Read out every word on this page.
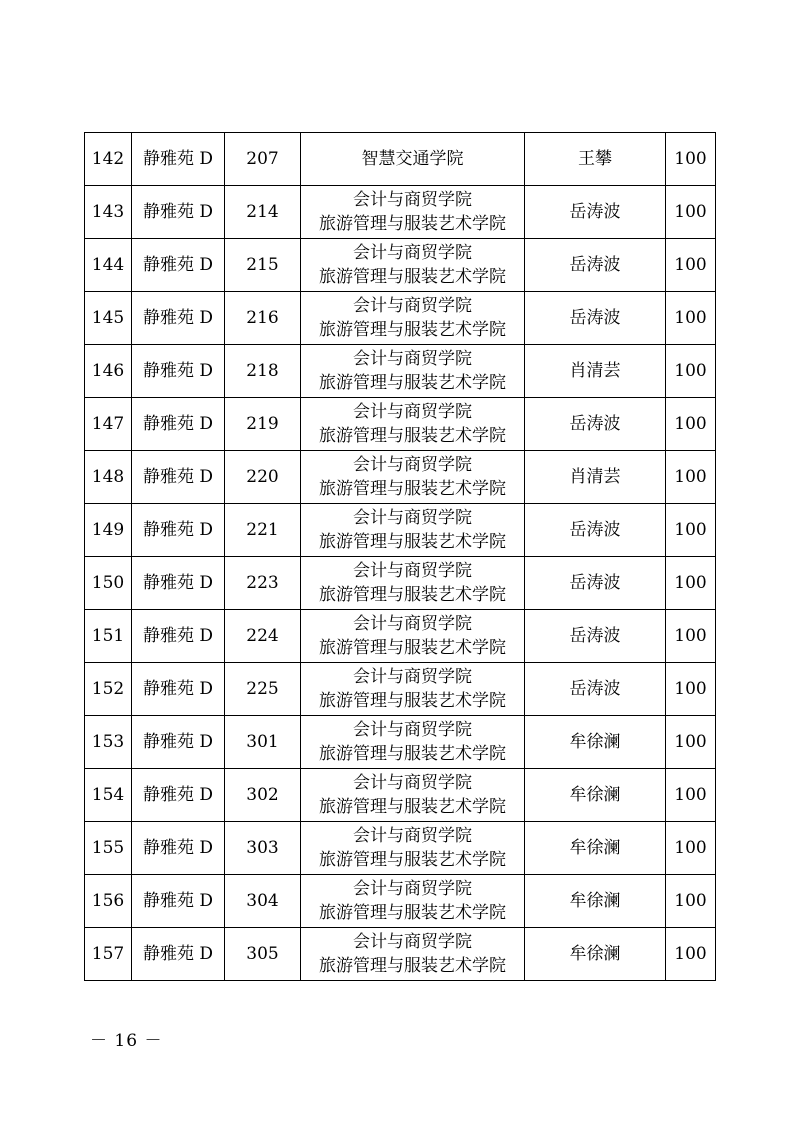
142	静雅苑 D	207	智慧交通学院	王攀	100
143	静雅苑 D	214	会计与商贸学院
旅游管理与服装艺术学院	岳涛波	100
144	静雅苑 D	215	会计与商贸学院
旅游管理与服装艺术学院	岳涛波	100
145	静雅苑 D	216	会计与商贸学院
旅游管理与服装艺术学院	岳涛波	100
146	静雅苑 D	218	会计与商贸学院
旅游管理与服装艺术学院	肖清芸	100
147	静雅苑 D	219	会计与商贸学院
旅游管理与服装艺术学院	岳涛波	100
148	静雅苑 D	220	会计与商贸学院
旅游管理与服装艺术学院	肖清芸	100
149	静雅苑 D	221	会计与商贸学院
旅游管理与服装艺术学院	岳涛波	100
150	静雅苑 D	223	会计与商贸学院
旅游管理与服装艺术学院	岳涛波	100
151	静雅苑 D	224	会计与商贸学院
旅游管理与服装艺术学院	岳涛波	100
152	静雅苑 D	225	会计与商贸学院
旅游管理与服装艺术学院	岳涛波	100
153	静雅苑 D	301	会计与商贸学院
旅游管理与服装艺术学院	牟徐澜	100
154	静雅苑 D	302	会计与商贸学院
旅游管理与服装艺术学院	牟徐澜	100
155	静雅苑 D	303	会计与商贸学院
旅游管理与服装艺术学院	牟徐澜	100
156	静雅苑 D	304	会计与商贸学院
旅游管理与服装艺术学院	牟徐澜	100
157	静雅苑 D	305	会计与商贸学院
旅游管理与服装艺术学院	牟徐澜	100
－ 16 －
